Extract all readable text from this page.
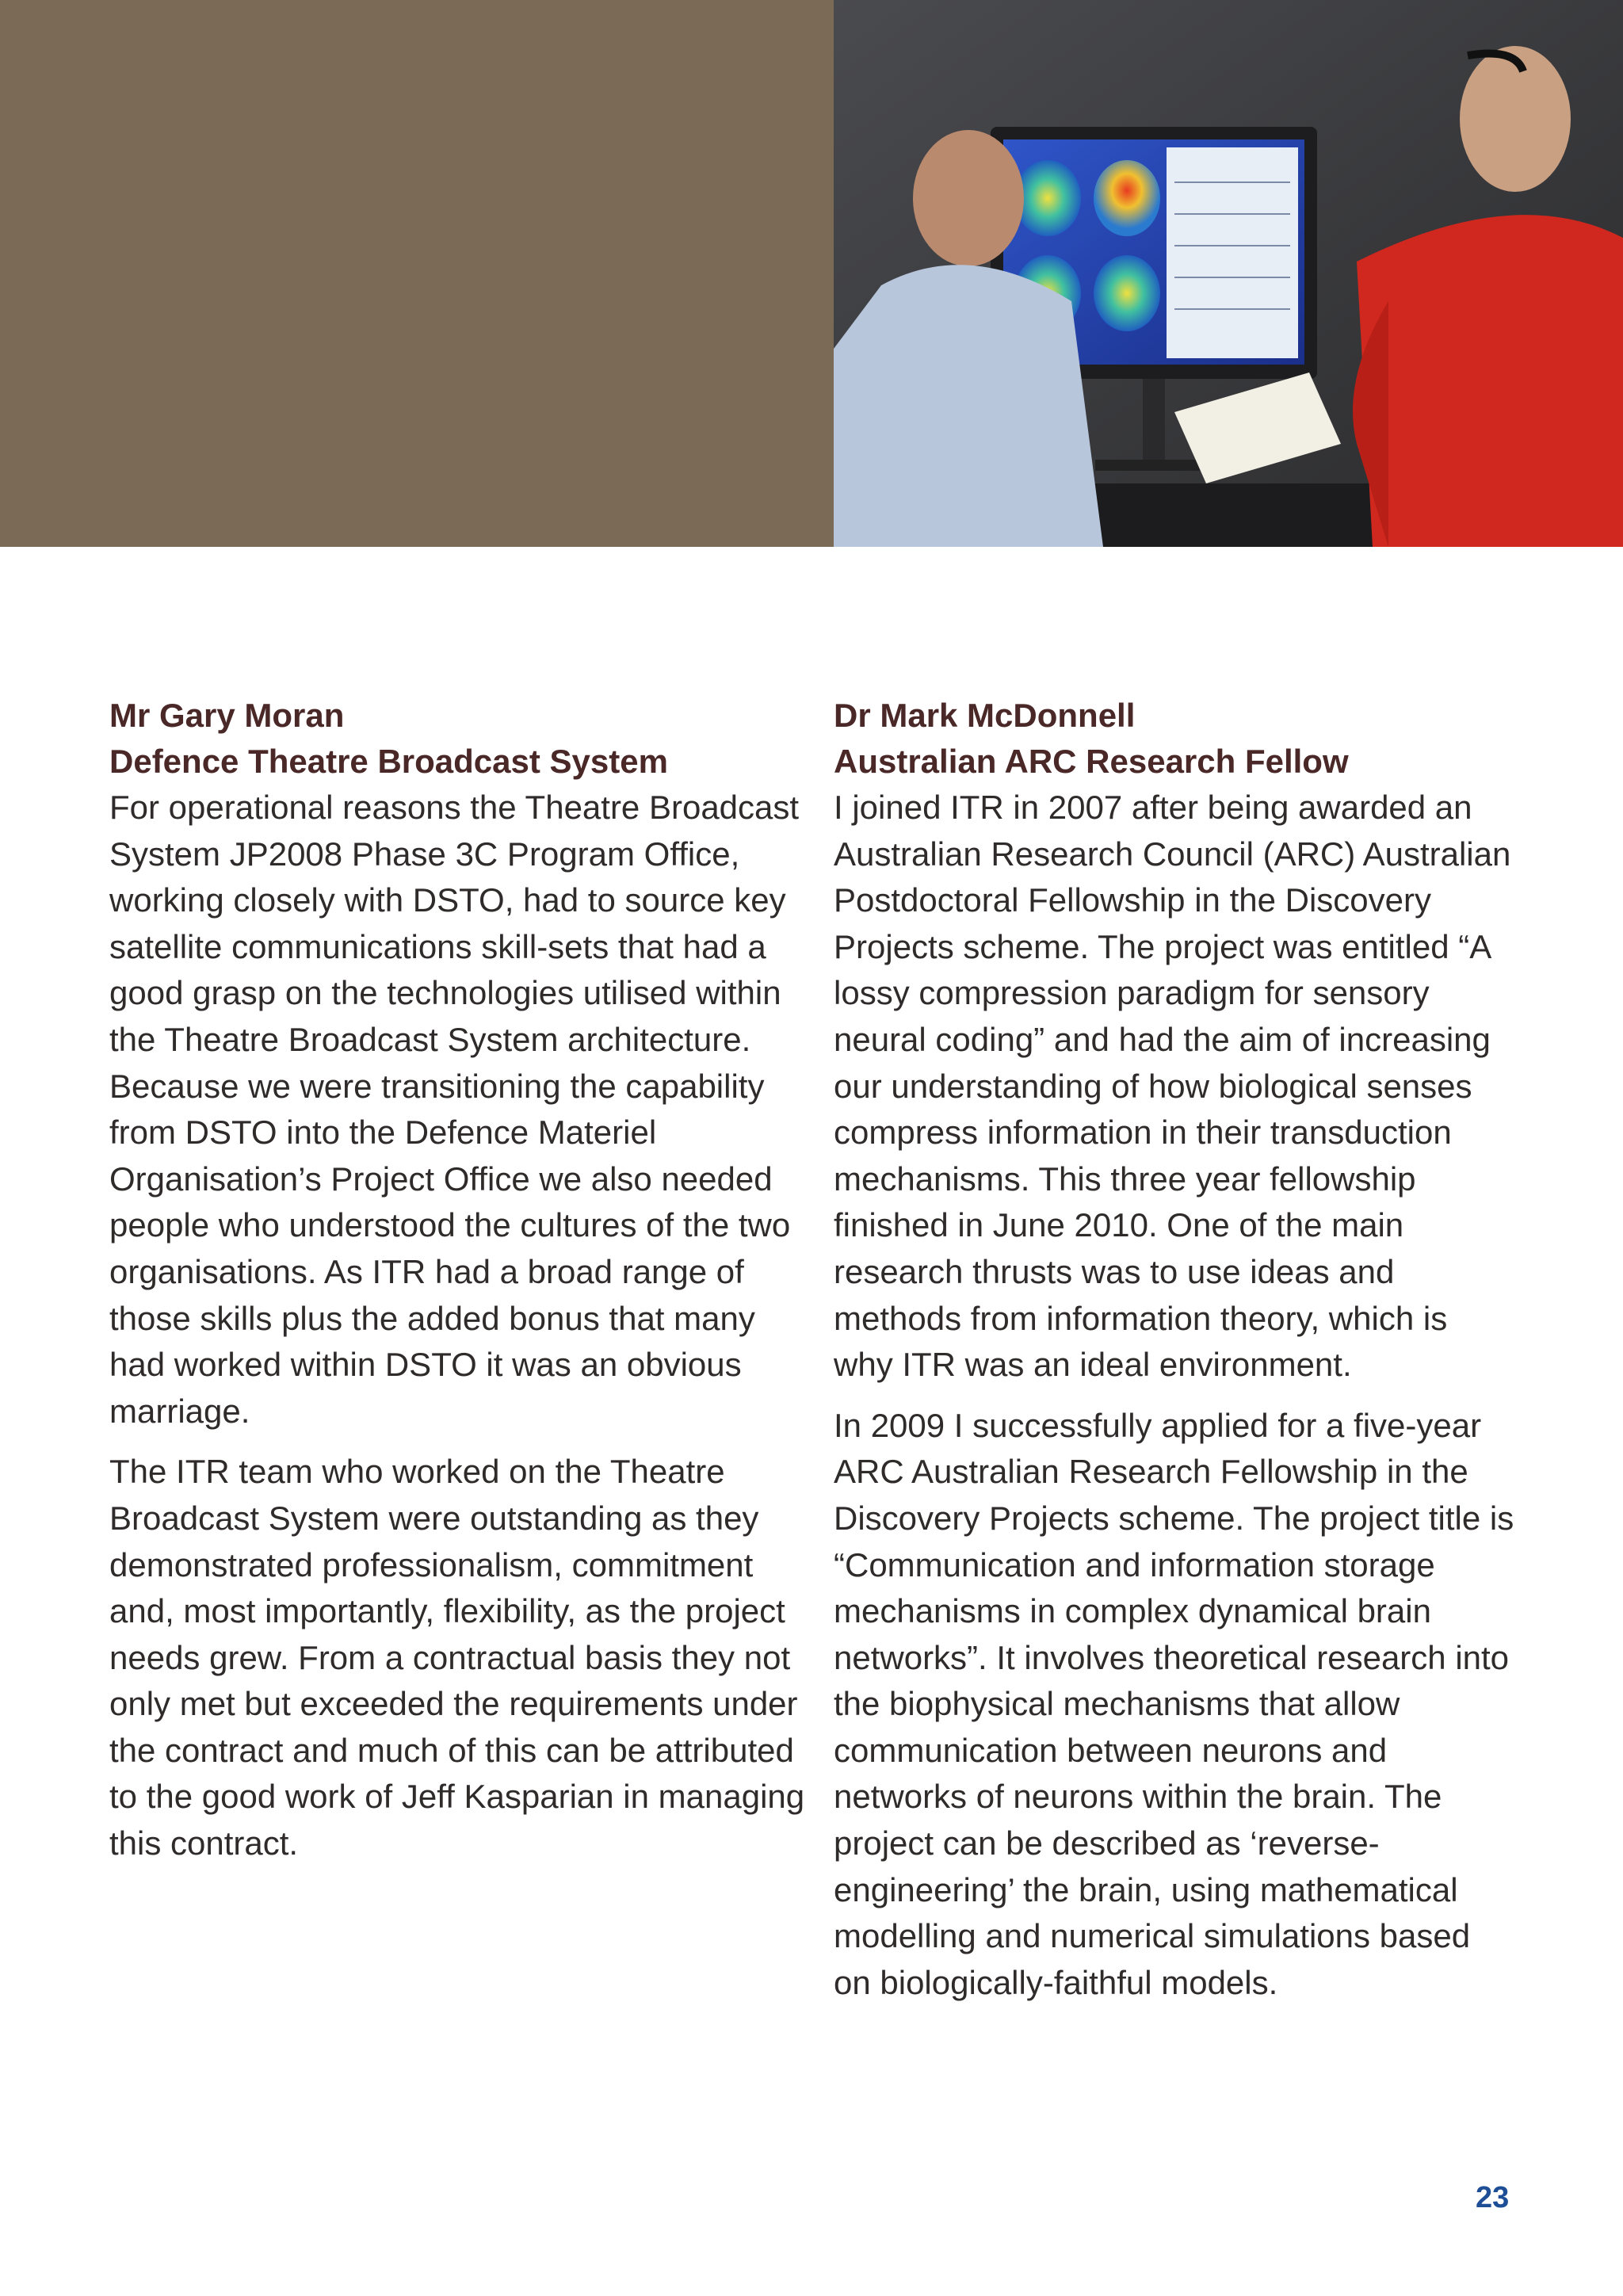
Mr Gary Moran

Defence Theatre Broadcast System

For operational reasons the Theatre Broadcast System JP2008 Phase 3C Program Office, working closely with DSTO, had to source key satellite communications skill-sets that had a good grasp on the technologies utilised within the Theatre Broadcast System architecture. Because we were transitioning the capability from DSTO into the Defence Materiel Organisation’s Project Office we also needed people who understood the cultures of the two organisations. As ITR had a broad range of those skills plus the added bonus that many had worked within DSTO it was an obvious marriage.

The ITR team who worked on the Theatre Broadcast System were outstanding as they demonstrated professionalism, commitment and, most importantly, flexibility, as the project needs grew. From a contractual basis they not only met but exceeded the requirements under the contract and much of this can be attributed to the good work of Jeff Kasparian in managing this contract.

Dr Mark McDonnell

Australian ARC Research Fellow

I joined ITR in 2007 after being awarded an Australian Research Council (ARC) Australian Postdoctoral Fellowship in the Discovery Projects scheme. The project was entitled “A lossy compression paradigm for sensory neural coding” and had the aim of increasing our understanding of how biological senses compress information in their transduction mechanisms. This three year fellowship finished in June 2010. One of the main research thrusts was to use ideas and methods from information theory, which is why ITR was an ideal environment.

In 2009 I successfully applied for a five-year ARC Australian Research Fellowship in the Discovery Projects scheme. The project title is “Communication and information storage mechanisms in complex dynamical brain networks”. It involves theoretical research into the biophysical mechanisms that allow communication between neurons and networks of neurons within the brain. The project can be described as ‘reverse-engineering’ the brain, using mathematical modelling and numerical simulations based on biologically-faithful models.

23
